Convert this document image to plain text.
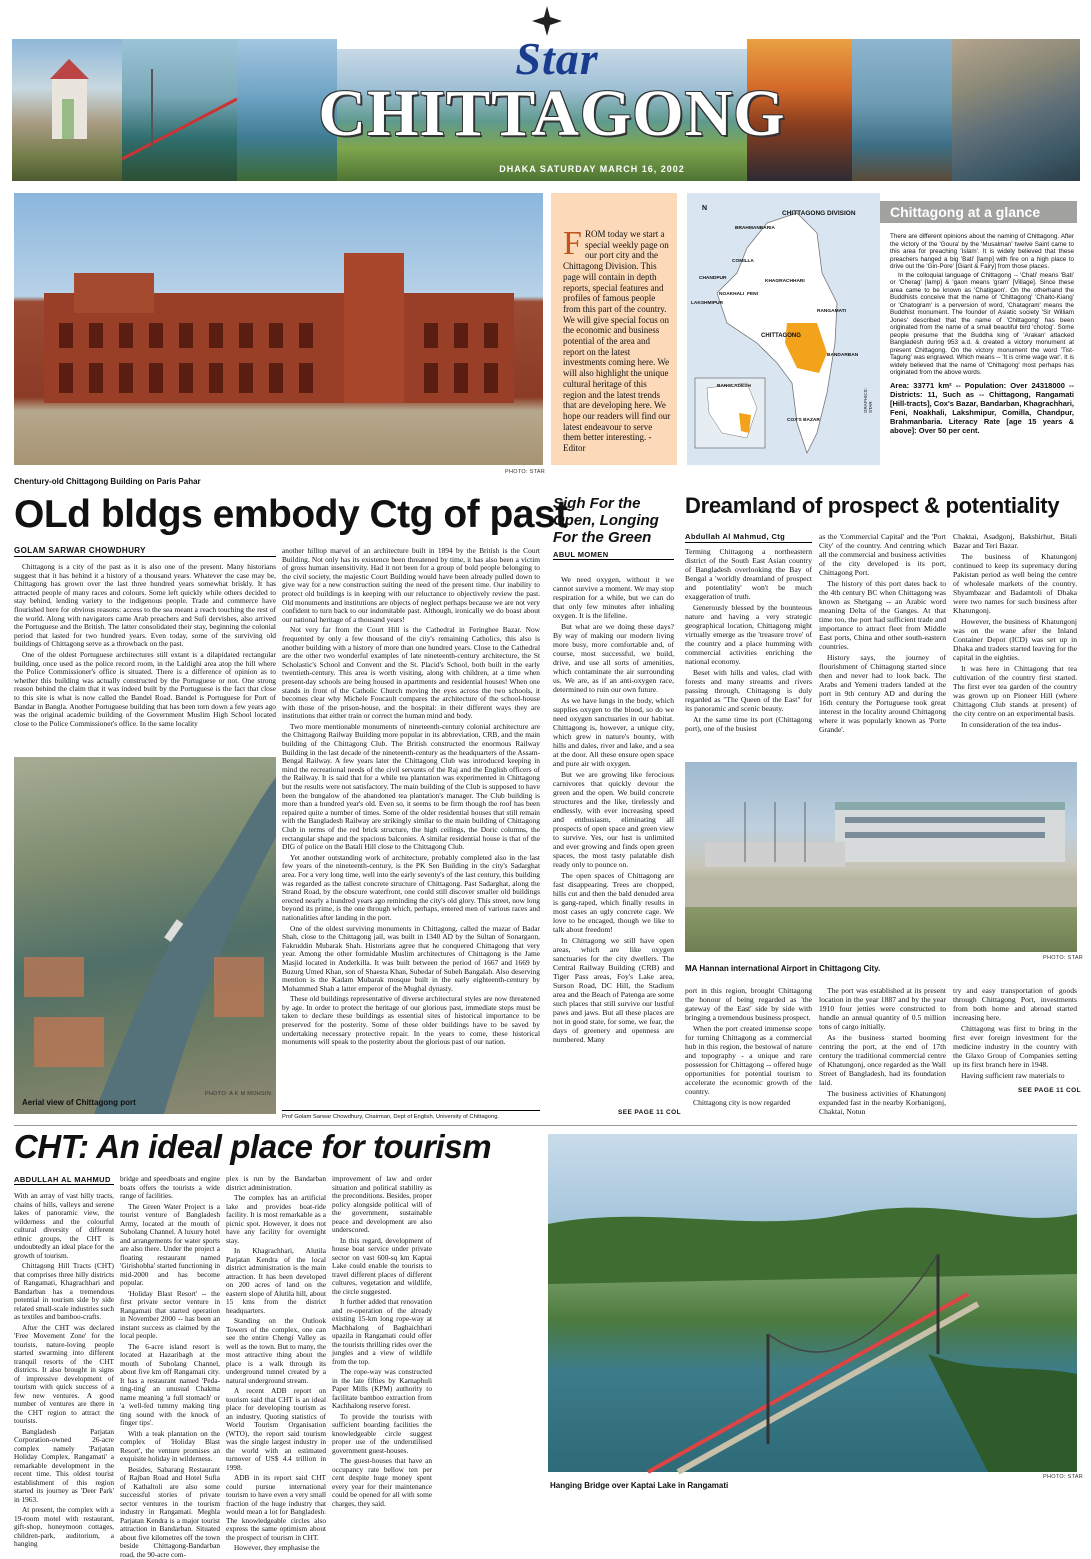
Star
CHITTAGONG
DHAKA SATURDAY MARCH 16, 2002
PHOTO: STAR
Chentury-old Chittagong Building on Paris Pahar
F ROM today we start a special weekly page on our port city and the Chittagong Division. This page will contain in depth reports, special features and profiles of famous people from this part of the country. We will give special focus on the economic and business potential of the area and report on the latest investments coming here. We will also highlight the unique cultural heritage of this region and the latest trends that are developing here. We hope our readers will find our latest endeavour to serve them better interesting. - Editor
N
CHITTAGONG DIVISION
BRAHMANBARIA
COMILLA
CHANDPUR
NOAKHALI
LAKSHMIPUR
FENI
KHAGRACHHARI
RANGAMATI
CHITTAGONG
BANDARBAN
COX'S BAZAR
BANGLADESH
GRAPHICS: STAR
Chittagong at a glance

There are different opinions about the naming of Chittagong. After the victory of the 'Goura' by the 'Musalman' twelve Saint came to this area for preaching 'Islam'. It is widely believed that these preachers hanged a big 'Bati' [lamp] with fire on a high place to drive out the 'Gin-Pore' [Giant & Fairy] from those places.

In the colloquial language of Chittagong -- 'Chati' means 'Bati' or 'Cherag' [lamp] & 'gaon means 'gram' [Village]. Since these area came to be known as 'Chatigaon'. On the otherhand the Buddhists conceive that the name of 'Chittagong' 'Chaito-Kiang' or 'Chatogram' is a perversion of word, 'Chatagram' means the Buddhist monument. The founder of Asiatic society 'Sir William Jones' described that the name of 'Chittagong' has been originated from the name of a small beautiful bird 'chotog'. Some people presume that the Buddha king of 'Arakan' attacked Bangladesh during 953 a.d. & created a victory monument at present Chittagong. On the victory monument the word 'Tist-Tagung' was engraved. Which means -- 'It is crime wage war'. It is widely believed that the name of 'Chittagong' most perhaps has originated from the above words.

Area: 33771 km² -- Population: Over 24318000 -- Districts: 11, Such as -- Chittagong, Rangamati [Hill-tracts], Cox's Bazar, Bandarban, Khagrachhari, Feni, Noakhali, Lakshmipur, Comilla, Chandpur, Brahmanbaria. Literacy Rate [age 15 years & above]: Over 50 per cent.

OLd bldgs embody Ctg of past
GOLAM SARWAR CHOWDHURY

Chittagong is a city of the past as it is also one of the present. Many historians suggest that it has behind it a history of a thousand years. Whatever the case may be, Chittagong has grown over the last three hundred years somewhat briskly. It has attracted people of many races and colours. Some left quickly while others decided to stay behind, lending variety to the indigenous people. Trade and commerce have flourished here for obvious reasons: access to the sea meant a reach touching the rest of the world. Along with navigators came Arab preachers and Sufi dervishes, also arrived the Portuguese and the British. The latter consolidated their stay, beginning the colonial period that lasted for two hundred years. Even today, some of the surviving old buildings of Chittagong serve as a throwback on the past.

One of the oldest Portuguese architectures still extant is a dilapidated rectangular building, once used as the police record room, in the Laldighi area atop the hill where the Police Commissioner's office is situated. There is a difference of opinion as to whether this building was actually constructed by the Portuguese or not. One strong reason behind the claim that it was indeed built by the Portuguese is the fact that close to this site is what is now called the Bandel Road. Bandel is Portuguese for Port of Bandar in Bangla. Another Portuguese building that has been torn down a few years ago was the original academic building of the Government Muslim High School located close to the Police Commissioner's office. In the same locality

another hilltop marvel of an architecture built in 1894 by the British is the Court Building. Not only has its existence been threatened by time, it has also been a victim of gross human insensitivity. Had it not been for a group of bold people belonging to the civil society, the majestic Court Building would have been already pulled down to give way for a new construction suiting the need of the present time. Our inability to protect old buildings is in keeping with our reluctance to objectively review the past. Old monuments and institutions are objects of neglect perhaps because we are not very confident to turn back to our indomitable past. Although, ironically we do boast about our national heritage of a thousand years!

Not very far from the Court Hill is the Cathedral in Feringhee Bazar. Now frequented by only a few thousand of the city's remaining Catholics, this also is another building with a history of more than one hundred years. Close to the Cathedral are the other two wonderful examples of late nineteenth-century architecture, the St Scholastic's School and Convent and the St. Placid's School, both built in the early twentieth-century. This area is worth visiting, along with children, at a time when present-day schools are being housed in apartments and residential houses! When one stands in front of the Catholic Church moving the eyes across the two schools, it becomes clear why Michele Foucault compares the architecture of the school-house with those of the prison-house, and the hospital: in their different ways they are institutions that either train or correct the human mind and body.

Two more mentionable monuments of nineteenth-century colonial architecture are the Chittagong Railway Building more popular in its abbreviation, CRB, and the main building of the Chittagong Club. The British constructed the enormous Railway Building in the last decade of the nineteenth-century as the headquarters of the Assam-Bengal Railway. A few years later the Chittagong Club was introduced keeping in mind the recreational needs of the civil servants of the Raj and the English officers of the Railway. It is said that for a while tea plantation was experimented in Chittagong but the results were not satisfactory. The main building of the Club is supposed to have been the bungalow of the abandoned tea plantation's manager. The Club building is more than a hundred year's old. Even so, it seems to be firm though the roof has been repaired quite a number of times. Some of the older residential houses that still remain with the Bangladesh Railway are strikingly similar to the main building of Chittagong Club in terms of the red brick structure, the high ceilings, the Doric columns, the rectangular shape and the spacious balconies. A similar residential house is that of the DIG of police on the Batali Hill close to the Chittagong Club.

Yet another outstanding work of architecture, probably completed also in the last few years of the nineteenth-century, is the PK Sen Building in the city's Sadarghat area. For a very long time, well into the early seventy's of the last century, this building was regarded as the tallest concrete structure of Chittagong. Past Sadarghat, along the Strand Road, by the obscure waterfront, one could still discover smaller old buildings erected nearly a hundred years ago reminding the city's old glory. This street, now long beyond its prime, is the one through which, perhaps, entered men of various races and nationalities after landing in the port.

One of the oldest surviving monuments in Chittagong, called the mazar of Badar Shah, close to the Chittagong jail, was built in 1340 AD by the Sultan of Sonargaon, Fakruddin Mubarak Shah. Historians agree that he conquered Chittagong that very year. Among the other formidable Muslim architectures of Chittagong is the Jame Masjid located in Anderkilla. It was built between the period of 1667 and 1669 by Buzurg Umed Khan, son of Shaesta Khan, Subedar of Subeh Bangalah. Also deserving mention is the Kadam Mubarak mosque built in the early eighteenth-century by Mohammed Shah a latter emperor of the Mughal dynasty.

These old buildings representative of diverse architectural styles are now threatened by age. In order to protect the heritage of our glorious past, immediate steps must be taken to declare these buildings as essential sites of historical importance to be preserved for the posterity. Some of these older buildings have to be saved by undertaking necessary protective repair. In the years to come, these historical monuments will speak to the posterity about the glorious past of our nation.

Prof Golam Sarwar Chowdhury, Chairman, Dept of English, University of Chittagong.
Aerial view of Chittagong port
PHOTO: A K M MOHSIN
Sigh For the Open, Longing For the Green
ABUL MOMEN

We need oxygen, without it we cannot survive a moment. We may stop respiration for a while, but we can do that only few minutes after inhaling oxygen. It is the lifeline.

But what are we doing these days? By way of making our modern living more busy, more comfortable and, of course, most successful, we build, drive, and use all sorts of amenities, which contaminate the air surrounding us. We are, as if an anti-oxygen race, determined to ruin our own future.

As we have lungs in the body, which supplies oxygen to the blood, so do we need oxygen sanctuaries in our habitat. Chittagong is, however, a unique city, which grew in nature's bounty, with hills and dales, river and lake, and a sea at the door. All these ensure open space and pure air with oxygen.

But we are growing like ferocious carnivores that quickly devour the green and the open. We build concrete structures and the like, tirelessly and endlessly, with ever increasing speed and enthusiasm, eliminating all prospects of open space and green view to survive. Yes, our lust is unlimited and ever growing and finds open green spaces, the most tasty palatable dish ready only to pounce on.

The open spaces of Chittagong are fast disappearing. Trees are chopped, hills cut and then the bald denuded area is gang-raped, which finally results in most cases an ugly concrete cage. We love to be encaged, though we like to talk about freedom!

In Chittagong we still have open areas, which are like oxygen sanctuaries for the city dwellers. The Central Railway Building (CRB) and Tiger Pass areas, Foy's Lake area, Surson Road, DC Hill, the Stadium area and the Beach of Patenga are some such places that still survive our lustful paws and jaws. But all these places are not in good state, for some, we fear, the days of greenery and openness are numbered. Many

SEE PAGE 11 COL
Dreamland of prospect & potentiality
Abdullah Al Mahmud, Ctg

Terming Chittagong a northeastern district of the South East Asian country of Bangladesh overlooking the Bay of Bengal a 'worldly dreamland of prospect and potentiality' won't be much exaggeration of truth.

Generously blessed by the bounteous nature and having a very strategic geographical location, Chittagong might virtually emerge as the 'treasure trove' of the country and a place humming with commercial activities enriching the national economy.

Beset with hills and vales, clad with forests and many streams and rivers passing through, Chittagong is duly regarded as "The Queen of the East" for its panoramic and scenic beauty.

At the same time its port (Chittagong port), one of the busiest

as the 'Commercial Capital' and the 'Port City' of the country. And centring which all the commercial and business activities of the city developed is its port, Chittagong Port.

The history of this port dates back to the 4th century BC when Chittagong was known as Shetgang -- an Arabic word meaning Delta of the Ganges. At that time too, the port had sufficient trade and importance to attract fleet from Middle East ports, China and other south-eastern countries.

History says, the journey of flourishment of Chittagong started since then and never had to look back. The Arabs and Yemeni traders landed at the port in 9th century AD and during the 16th century the Portuguese took great interest in the locality around Chittagong where it was popularly known as 'Porte Grande'.

Chaktai, Asadgonj, Bakshirhut, Bitali Bazar and Teri Bazar.

The business of Khatungonj continued to keep its supremacy during Pakistan period as well being the centre of wholesale markets of the country. Shyambazar and Badamtoli of Dhaka were two names for such business after Khatungonj.

However, the business of Khatungonj was on the wane after the Inland Container Depot (ICD) was set up in Dhaka and traders started leaving for the capital in the eighties.

It was here in Chittagong that tea cultivation of the country first started. The first ever tea garden of the country was grown up on Pioneer Hill (where Chittagong Club stands at present) of the city centre on an experimental basis.

In consideration of the tea indus-

MA Hannan international Airport in Chittagong City.
PHOTO: STAR

port in this region, brought Chittagong the honour of being regarded as 'the gateway of the East' side by side with bringing a tremendous business prospect.

When the port created immense scope for turning Chittagong as a commercial hub in this region, the bestowal of nature and topography - a unique and rare possession for Chittagong -- offered huge opportunities for potential tourism to accelerate the economic growth of the country.

Chittagong city is now regarded

The port was established at its present location in the year 1887 and by the year 1910 four jetties were constructed to handle an annual quantity of 0.5 million tons of cargo initially.

As the business started booming centring the port, at the end of 17th century the traditional commercial centre of Khatungonj, once regarded as the Wall Street of Bangladesh, had its foundation laid.

The business activities of Khatungonj expanded fast in the nearby Korbanigonj, Chaktai, Notun

try and easy transportation of goods through Chittagong Port, investments from both home and abroad started increasing here.

Chittagong was first to bring in the first ever foreign investment for the medicine industry in the country with the Glaxo Group of Companies setting up its first branch here in 1948.

Having sufficient raw materials to

SEE PAGE 11 COL
CHT: An ideal place for tourism
ABDULLAH AL MAHMUD

With an array of vast hilly tracts, chains of hills, valleys and serene lakes of panoramic view, the wilderness and the colourful cultural diversity of different ethnic groups, the CHT is undoubtedly an ideal place for the growth of tourism.

Chittagong Hill Tracts (CHT) that comprises three hilly districts of Rangamati, Khagrachhari and Bandarban has a tremendous potential in tourism side by side related small-scale industries such as textiles and bamboo-crafts.

After the CHT was declared 'Free Movement Zone' for the tourists, nature-loving people started swarming into different tranquil resorts of the CHT districts. It also brought in signs of impressive development of tourism with quick success of a few new ventures. A good number of ventures are there in the CHT region to attract the tourists.

Bangladesh Parjatan Corporation-owned 26-acre complex namely 'Parjatan Holiday Complex, Rangamati' a remarkable development in the recent time. This oldest tourist establishment of this region started its journey as 'Deer Park' in 1963.

At present, the complex with a 19-room motel with restaurant, gift-shop, honeymoon cottages, children-park, auditorium, a hanging

bridge and speedboats and engine boats offers the tourists a wide range of facilities.

The Green Water Project is a tourist venture of Bangladesh Army, located at the mouth of Subolang Channel. A luxury hotel and arrangements for water sports are also there. Under the project a floating restaurant named 'Girishobha' started functioning in mid-2000 and has become popular.

'Holiday Blast Resort' -- the first private sector venture in Rangamati that started operation in November 2000 -- has been an instant success as claimed by the local people.

The 6-acre island resort is located at Hazaribagh at the mouth of Subolang Channel, about five km off Rangamati city. It has a restaurant named 'Peda-ting-ting' an unusual Chakma name meaning 'a full stomach' or 'a well-fed tummy making ting ting sound with the knock of finger tips'.

With a teak plantation on the complex of 'Holiday Blast Resort', the venture promises an exquisite holiday in wilderness.

Besides, Sabarang Restaurant of Rajban Road and Hotel Sufia of Kathaltoli are also some successful stories of private sector ventures in the tourism industry in Rangamati. Meghla Parjatan Kendra is a major tourist attraction in Bandarban. Situated about five kilometres off the town beside Chittagong-Bandarban road, the 90-acre com-

plex is run by the Bandarban district administration.

The complex has an artificial lake and provides boat-ride facility. It is most remarkable as a picnic spot. However, it does not have any facility for overnight stay.

In Khagrachhari, Alutila Parjatan Kendra of the local district administration is the main attraction. It has been developed on 200 acres of land on the eastern slope of Alutila hill, about 15 kms from the district headquarters.

Standing on the Outlook Towers of the complex, one can see the entire Chengi Valley as well as the town. But to many, the most attractive thing about the place is a walk through its underground tunnel created by a natural underground stream.

A recent ADB report on tourism said that CHT is an ideal place for developing tourism as an industry. Quoting statistics of World Tourism Organisation (WTO), the report said tourism was the single largest industry in the world with an estimated turnover of US$ 4.4 trillion in 1998.

ADB in its report said CHT could pursue international tourism to have even a very small fraction of the huge industry that would mean a lot for Bangladesh. The knowledgeable circles also express the same optimism about the prospect of tourism in CHT.

However, they emphasise the

improvement of law and order situation and political stability as the preconditions. Besides, proper policy alongside political will of the government, sustainable peace and development are also underscored.

In this regard, development of house boat service under private sector on vast 600-sq km Kaptai Lake could enable the tourists to travel different places of different cultures, vegetation and wildlife, the circle suggested.

It further added that renovation and re-operation of the already existing 15-km long rope-way at Machhalong of Baghaichhari upazila in Rangamati could offer the tourists thrilling rides over the jungles and a view of wildlife from the top.

The rope-way was constructed in the late fifties by Karnaphuli Paper Mills (KPM) authority to facilitate bamboo extraction from Kachhalong reserve forest.

To provide the tourists with sufficient boarding facilities the knowledgeable circle suggest proper use of the underutilised government guest-houses.

The guest-houses that have an occupancy rate bellow ten per cent despite huge money spent every year for their maintenance could be opened for all with some charges, they said.

PHOTO: STAR
Hanging Bridge over Kaptai Lake in Rangamati
